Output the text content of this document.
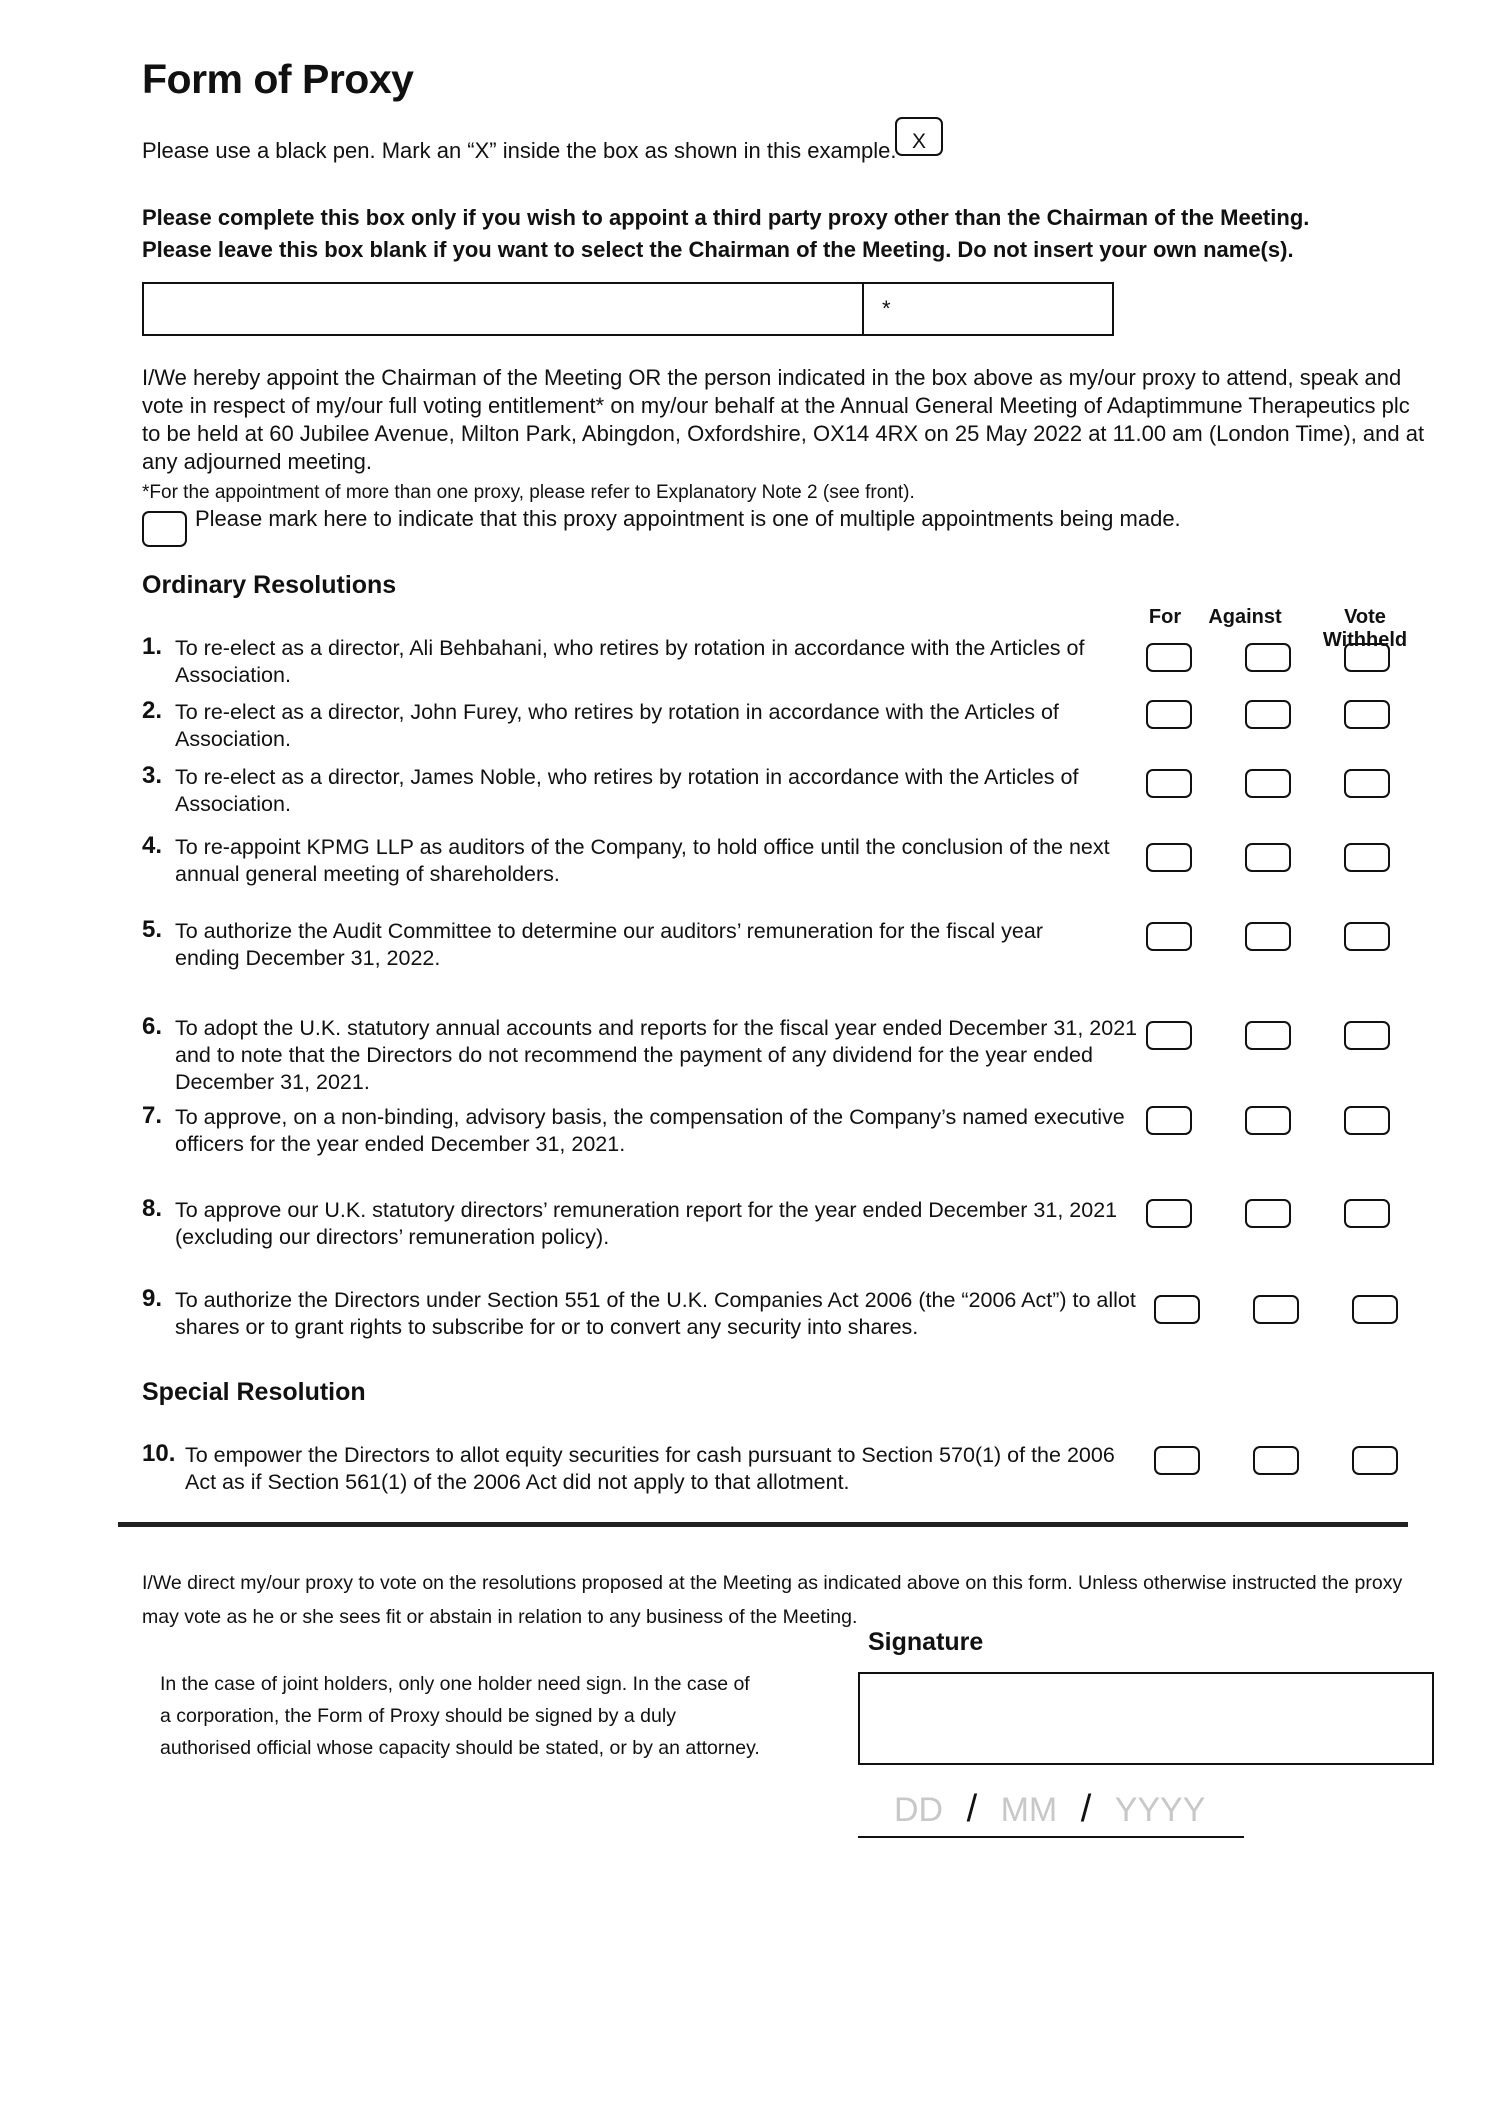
Form of Proxy
Please use a black pen. Mark an “X” inside the box as shown in this example. X
Please complete this box only if you wish to appoint a third party proxy other than the Chairman of the Meeting.
Please leave this box blank if you want to select the Chairman of the Meeting. Do not insert your own name(s).
*
I/We hereby appoint the Chairman of the Meeting OR the person indicated in the box above as my/our proxy to attend, speak and vote in respect of my/our full voting entitlement* on my/our behalf at the Annual General Meeting of Adaptimmune Therapeutics plc to be held at 60 Jubilee Avenue, Milton Park, Abingdon, Oxfordshire, OX14 4RX on 25 May 2022 at 11.00 am (London Time), and at any adjourned meeting.
*For the appointment of more than one proxy, please refer to Explanatory Note 2 (see front).
Please mark here to indicate that this proxy appointment is one of multiple appointments being made.
Ordinary Resolutions
For	Against	Vote Withheld
1. To re-elect as a director, Ali Behbahani, who retires by rotation in accordance with the Articles of Association.
2. To re-elect as a director, John Furey, who retires by rotation in accordance with the Articles of Association.
3. To re-elect as a director, James Noble, who retires by rotation in accordance with the Articles of Association.
4. To re-appoint KPMG LLP as auditors of the Company, to hold office until the conclusion of the next annual general meeting of shareholders.
5. To authorize the Audit Committee to determine our auditors’ remuneration for the fiscal year ending December 31, 2022.
6. To adopt the U.K. statutory annual accounts and reports for the fiscal year ended December 31, 2021 and to note that the Directors do not recommend the payment of any dividend for the year ended December 31, 2021.
7. To approve, on a non-binding, advisory basis, the compensation of the Company’s named executive officers for the year ended December 31, 2021.
8. To approve our U.K. statutory directors’ remuneration report for the year ended December 31, 2021 (excluding our directors’ remuneration policy).
9. To authorize the Directors under Section 551 of the U.K. Companies Act 2006 (the “2006 Act”) to allot shares or to grant rights to subscribe for or to convert any security into shares.
10. To empower the Directors to allot equity securities for cash pursuant to Section 570(1) of the 2006 Act as if Section 561(1) of the 2006 Act did not apply to that allotment.
Special Resolution
I/We direct my/our proxy to vote on the resolutions proposed at the Meeting as indicated above on this form. Unless otherwise instructed the proxy may vote as he or she sees fit or abstain in relation to any business of the Meeting.
In the case of joint holders, only one holder need sign. In the case of a corporation, the Form of Proxy should be signed by a duly authorised official whose capacity should be stated, or by an attorney.
Signature
DD / MM / YYYY
